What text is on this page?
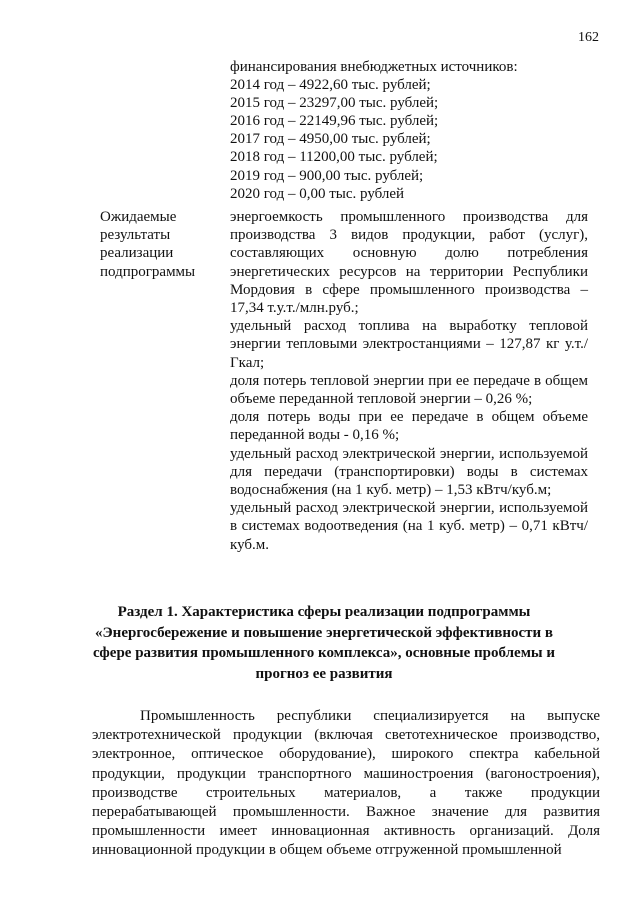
162
финансирования внебюджетных источников:
2014 год – 4922,60 тыс. рублей;
2015 год – 23297,00 тыс. рублей;
2016 год – 22149,96 тыс. рублей;
2017 год – 4950,00 тыс. рублей;
2018 год – 11200,00 тыс. рублей;
2019 год – 900,00 тыс. рублей;
2020 год – 0,00 тыс. рублей
Ожидаемые
результаты
реализации
подпрограммы

энергоемкость промышленного производства для производства 3 видов продукции, работ (услуг), составляющих основную долю потребления энергетических ресурсов на территории Республики Мордовия в сфере промышленного производства – 17,34 т.у.т./млн.руб.;

удельный расход топлива на выработку тепловой энергии тепловыми электростанциями – 127,87 кг у.т./Гкал;

доля потерь тепловой энергии при ее передаче в общем объеме переданной тепловой энергии – 0,26 %;

доля потерь воды при ее передаче в общем объеме переданной воды - 0,16 %;

удельный расход электрической энергии, используемой для передачи (транспортировки) воды в системах водоснабжения (на 1 куб. метр) – 1,53 кВтч/куб.м;

удельный расход электрической энергии, используемой в системах водоотведения (на 1 куб. метр) – 0,71 кВтч/куб.м.

Раздел 1. Характеристика сферы реализации подпрограммы «Энергосбережение и повышение энергетической эффективности в сфере развития промышленного комплекса», основные проблемы и прогноз ее развития

Промышленность республики специализируется на выпуске электротехнической продукции (включая светотехническое производство, электронное, оптическое оборудование), широкого спектра кабельной продукции, продукции транспортного машиностроения (вагоностроения), производстве строительных материалов, а также продукции перерабатывающей промышленности. Важное значение для развития промышленности имеет инновационная активность организаций. Доля инновационной продукции в общем объеме отгруженной промышленной
